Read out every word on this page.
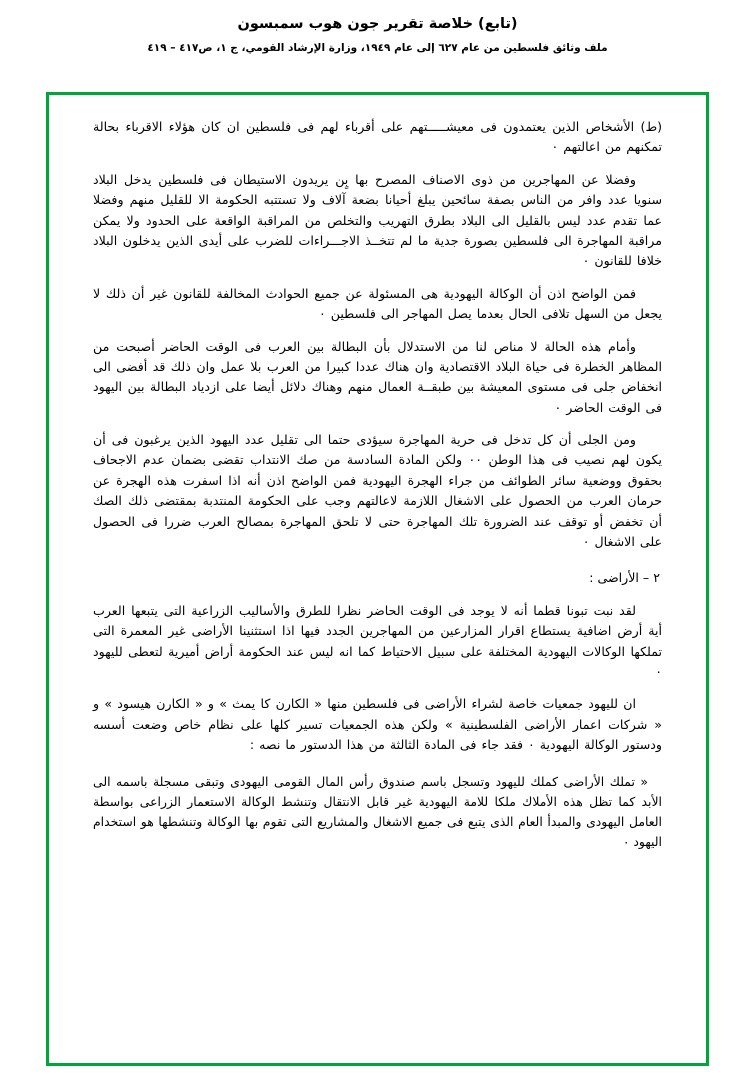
(تابع) خلاصة تقرير جون هوب سمبسون
ملف وثائق فلسطين من عام ٦٢٧ إلى عام ١٩٤٩، وزارة الإرشاد القومي، ج ١، ص٤١٧ – ٤١٩

(ط) الأشخاص الذين يعتمدون فى معيشـــــتهم على أقرباء لهم فى فلسطين ان كان هؤلاء الاقرباء بحالة تمكنهم من اعالتهم ٠

وفضلا عن المهاجرين من ذوى الاصناف المصرح بها بٍن يريدون الاستيطان فى فلسطين يدخل البلاد سنويا عدد وافر من الناس بصفة سائحين يبلغ أحيانا بضعة آلاف ولا تستتبه الحكومة الا للقليل منهم وفضلا عما تقدم عدد ليس بالقليل الى البلاد بطرق التهريب والتخلص من المراقبة الواقعة على الحدود ولا يمكن مراقبة المهاجرة الى فلسطين بصورة جدية ما لم تتخــذ الاجـــراءات للضرب على أيدى الذين يدخلون البلاد خلافا للقانون ٠

فمن الواضح اذن أن الوكالة اليهودية هى المسئولة عن جميع الحوادث المخالفة للقانون غير أن ذلك لا يجعل من السهل تلافى الحال بعدما يصل المهاجر الى فلسطين ٠

وأمام هذه الحالة لا مناص لنا من الاستدلال بأن البطالة بين العرب فى الوقت الحاضر أصبحت من المظاهر الخطرة فى حياة البلاد الاقتصادية وان هناك عددا كبيرا من العرب بلا عمل وان ذلك قد أفضى الى انخفاض جلى فى مستوى المعيشة بين طبقــة العمال منهم وهناك دلائل أيضا على ازدياد البطالة بين اليهود فى الوقت الحاضر ٠

ومن الجلى أن كل تدخل فى حرية المهاجرة سيؤدى حتما الى تقليل عدد اليهود الذين يرغبون فى أن يكون لهم نصيب فى هذا الوطن ٠٠ ولكن المادة السادسة من صك الانتداب تقضى بضمان عدم الاجحاف بحقوق ووضعية سائر الطوائف من جراء الهجرة اليهودية فمن الواضح اذن أنه اذا اسفرت هذه الهجرة عن حرمان العرب من الحصول على الاشغال اللازمة لاعالتهم وجب على الحكومة المنتدبة بمقتضى ذلك الصك أن تخفض أو توقف عند الضرورة تلك المهاجرة حتى لا تلحق المهاجرة بمصالح العرب ضررا فى الحصول على الاشغال ٠

٢ – الأراضى :

لقد نبت تبونا قطما أنه لا يوجد فى الوقت الحاضر نظرا للطرق والأساليب الزراعية التى يتبعها العرب أية أرض اضافية يستطاع اقرار المزارعين من المهاجرين الجدد فيها اذا استثنينا الأراضى غير المعمرة التى تملكها الوكالات اليهودية المختلفة على سبيل الاحتياط كما انه ليس عند الحكومة أراض أميرية لتعطى لليهود ٠

ان لليهود جمعيات خاصة لشراء الأراضى فى فلسطين منها « الكارن كا يمث » و « الكارن هيسود » و « شركات اعمار الأراضى الفلسطينية » ولكن هذه الجمعيات تسير كلها على نظام خاص وضعت أسسه ودستور الوكالة اليهودية ٠ فقد جاء فى المادة الثالثة من هذا الدستور ما نصه :

« تملك الأراضى كملك لليهود وتسجل باسم صندوق رأس المال القومى اليهودى وتبقى مسجلة باسمه الى الأبد كما تظل هذه الأملاك ملكا للامة اليهودية غير قابل الانتقال وتنشط الوكالة الاستعمار الزراعى بواسطة العامل اليهودى والمبدأ العام الذى يتبع فى جميع الاشغال والمشاريع التى تقوم بها الوكالة وتنشطها هو استخدام اليهود ٠
